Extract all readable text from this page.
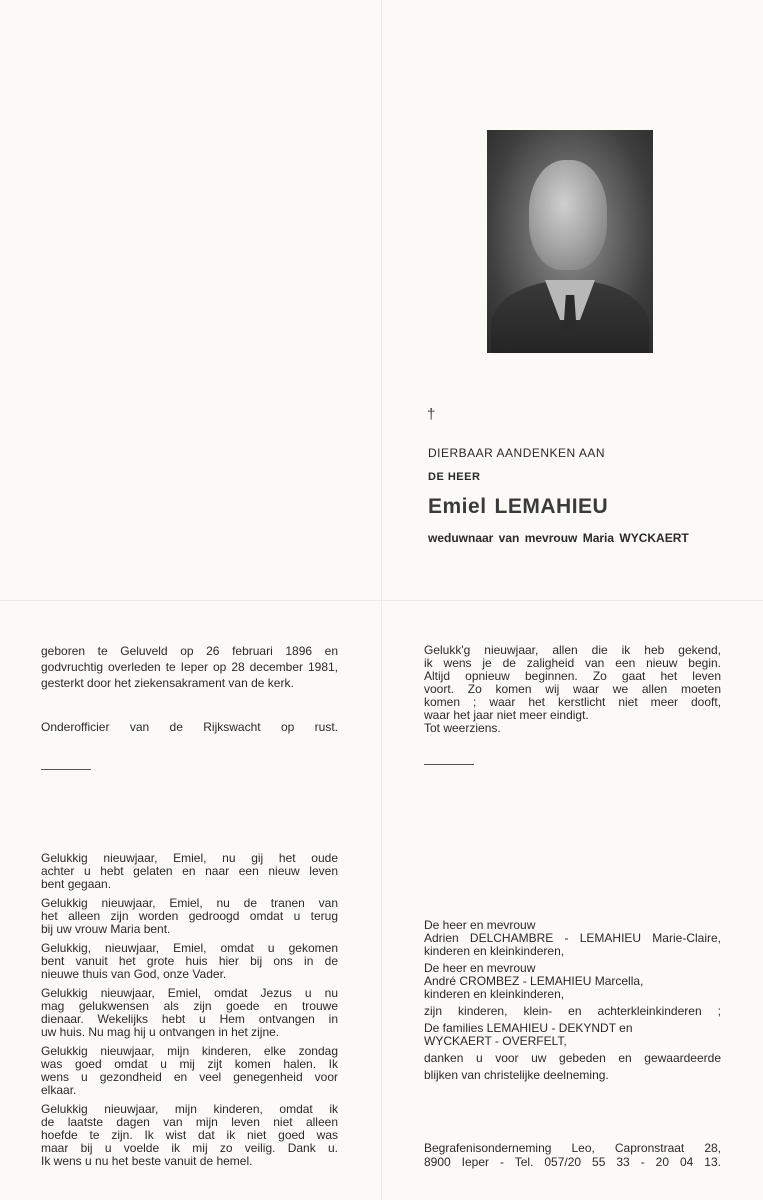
†
DIERBAAR AANDENKEN AAN
DE HEER
Emiel LEMAHIEU
weduwnaar van mevrouw Maria WYCKAERT

geboren te Geluveld op 26 februari 1896 en godvruchtig overleden te Ieper op 28 december 1981, gesterkt door het ziekensakrament van de kerk.

Onderofficier van de Rijkswacht op rust.

Gelukk'g nieuwjaar, allen die ik heb gekend,
ik wens je de zaligheid van een nieuw begin.
Altijd opnieuw beginnen. Zo gaat het leven
voort. Zo komen wij waar we allen moeten
komen ; waar het kerstlicht niet meer dooft,
waar het jaar niet meer eindigt.
Tot weerziens.
Gelukkig nieuwjaar, Emiel, nu gij het oude
achter u hebt gelaten en naar een nieuw leven
bent gegaan.
Gelukkig nieuwjaar, Emiel, nu de tranen van
het alleen zijn worden gedroogd omdat u terug
bij uw vrouw Maria bent.
Gelukkig, nieuwjaar, Emiel, omdat u gekomen
bent vanuit het grote huis hier bij ons in de
nieuwe thuis van God, onze Vader.
Gelukkig nieuwjaar, Emiel, omdat Jezus u nu
mag gelukwensen als zijn goede en trouwe
dienaar. Wekelijks hebt u Hem ontvangen in
uw huis. Nu mag hij u ontvangen in het zijne.
Gelukkig nieuwjaar, mijn kinderen, elke zondag
was goed omdat u mij zijt komen halen. Ik
wens u gezondheid en veel genegenheid voor
elkaar.
Gelukkig nieuwjaar, mijn kinderen, omdat ik
de laatste dagen van mijn leven niet alleen
hoefde te zijn. Ik wist dat ik niet goed was
maar bij u voelde ik mij zo veilig. Dank u.
Ik wens u nu het beste vanuit de hemel.
De heer en mevrouw
Adrien DELCHAMBRE - LEMAHIEU Marie-Claire,
kinderen en kleinkinderen,
De heer en mevrouw
André CROMBEZ - LEMAHIEU Marcella,
kinderen en kleinkinderen,
zijn kinderen, klein- en achterkleinkinderen ;
De families LEMAHIEU - DEKYNDT en
WYCKAERT - OVERFELT,
danken u voor uw gebeden en gewaardeerde
blijken van christelijke deelneming.
Begrafenisonderneming Leo, Capronstraat 28,
8900 Ieper - Tel. 057/20 55 33 - 20 04 13.
